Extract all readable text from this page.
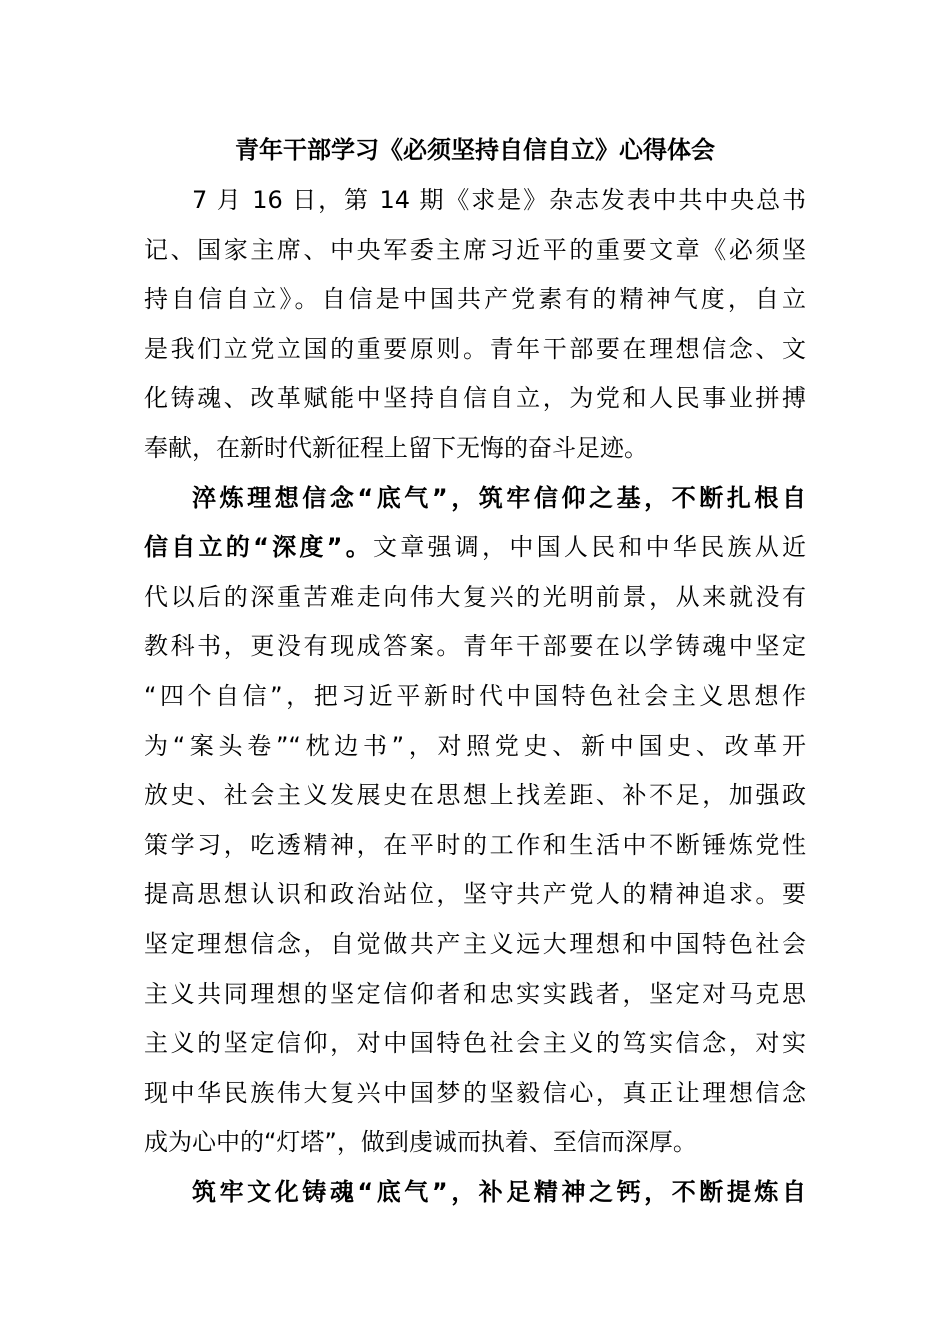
青年干部学习《必须坚持自信自立》心得体会
7 月 16 日，第 14 期《求是》杂志发表中共中央总书
记、国家主席、中央军委主席习近平的重要文章《必须坚
持自信自立》。自信是中国共产党素有的精神气度，自立
是我们立党立国的重要原则。青年干部要在理想信念、文
化铸魂、改革赋能中坚持自信自立，为党和人民事业拼搏
奉献，在新时代新征程上留下无悔的奋斗足迹。
淬炼理想信念“底气”，筑牢信仰之基，不断扎根自
信自立的“深度”。文章强调，中国人民和中华民族从近
代以后的深重苦难走向伟大复兴的光明前景，从来就没有
教科书，更没有现成答案。青年干部要在以学铸魂中坚定
“四个自信”，把习近平新时代中国特色社会主义思想作
为“案头卷”“枕边书”，对照党史、新中国史、改革开
放史、社会主义发展史在思想上找差距、补不足，加强政
策学习，吃透精神，在平时的工作和生活中不断锤炼党性
提高思想认识和政治站位，坚守共产党人的精神追求。要
坚定理想信念，自觉做共产主义远大理想和中国特色社会
主义共同理想的坚定信仰者和忠实实践者，坚定对马克思
主义的坚定信仰，对中国特色社会主义的笃实信念，对实
现中华民族伟大复兴中国梦的坚毅信心，真正让理想信念
成为心中的“灯塔”，做到虔诚而执着、至信而深厚。
筑牢文化铸魂“底气”，补足精神之钙，不断提炼自
